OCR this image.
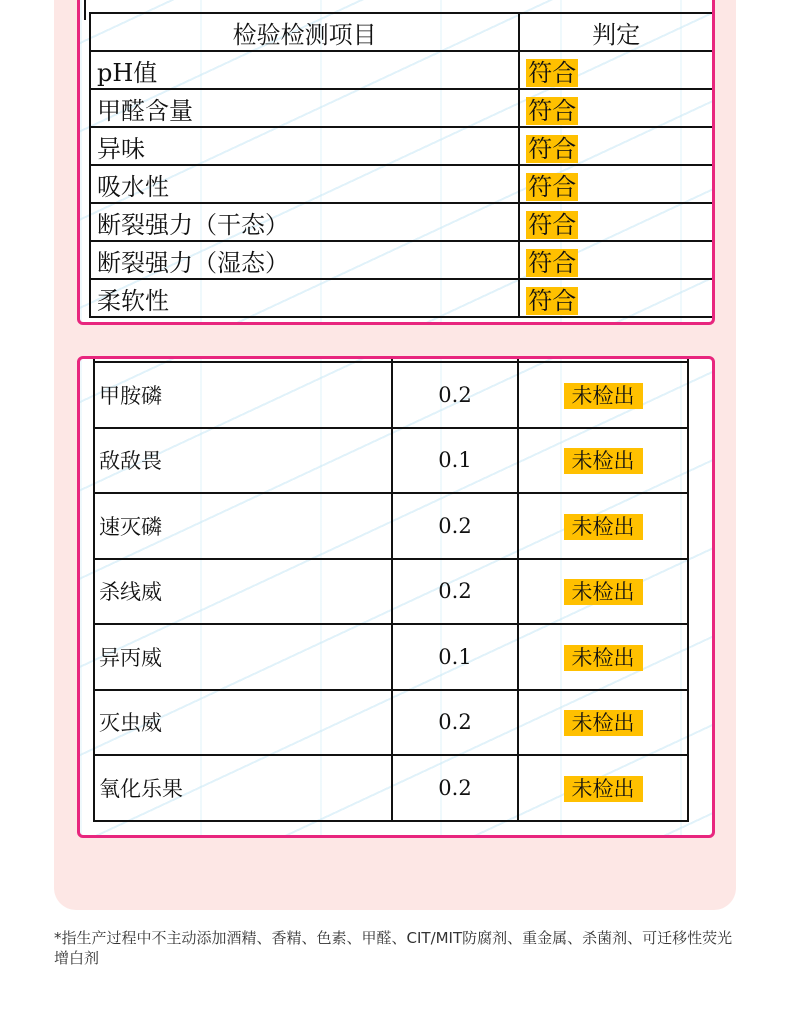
检验检测项目	判定
pH值	符合
甲醛含量	符合
异味	符合
吸水性	符合
断裂强力（干态）	符合
断裂强力（湿态）	符合
柔软性	符合

甲胺磷	0.2	未检出
敌敌畏	0.1	未检出
速灭磷	0.2	未检出
杀线威	0.2	未检出
异丙威	0.1	未检出
灭虫威	0.2	未检出
氧化乐果	0.2	未检出
*指生产过程中不主动添加酒精、香精、色素、甲醛、CIT/MIT防腐剂、重金属、杀菌剂、可迁移性荧光增白剂
